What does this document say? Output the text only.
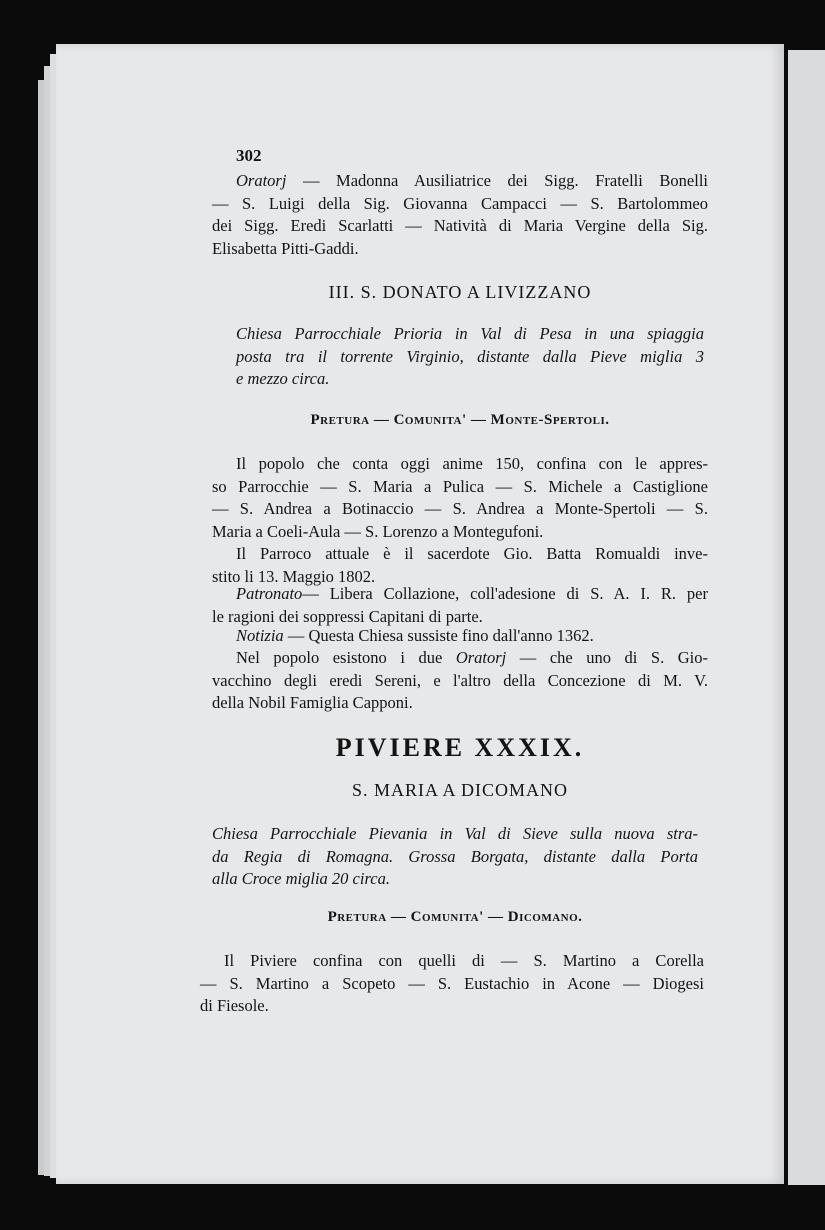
302
Oratorj — Madonna Ausiliatrice dei Sigg. Fratelli Bonelli
— S. Luigi della Sig. Giovanna Campacci — S. Bartolommeo
dei Sigg. Eredi Scarlatti — Natività di Maria Vergine della Sig.
Elisabetta Pitti-Gaddi.
III. S. DONATO A LIVIZZANO
Chiesa Parrocchiale Prioria in Val di Pesa in una spiaggia
posta tra il torrente Virginio, distante dalla Pieve miglia 3
e mezzo circa.
Pretura — Comunita' — Monte-Spertoli.
Il popolo che conta oggi anime 150, confina con le appres-
so Parrocchie — S. Maria a Pulica — S. Michele a Castiglione
— S. Andrea a Botinaccio — S. Andrea a Monte-Spertoli — S.
Maria a Coeli-Aula — S. Lorenzo a Montegufoni.
Il Parroco attuale è il sacerdote Gio. Batta Romualdi inve-
stito li 13. Maggio 1802.
Patronato— Libera Collazione, coll'adesione di S. A. I. R. per
le ragioni dei soppressi Capitani di parte.
Notizia — Questa Chiesa sussiste fino dall'anno 1362.
Nel popolo esistono i due Oratorj — che uno di S. Gio-
vacchino degli eredi Sereni, e l'altro della Concezione di M. V.
della Nobil Famiglia Capponi.
PIVIERE XXXIX.
S. MARIA A DICOMANO
Chiesa Parrocchiale Pievania in Val di Sieve sulla nuova stra-
da Regia di Romagna. Grossa Borgata, distante dalla Porta
alla Croce miglia 20 circa.
Pretura — Comunita' — Dicomano.
Il Piviere confina con quelli di — S. Martino a Corella
— S. Martino a Scopeto — S. Eustachio in Acone — Diogesi
di Fiesole.
